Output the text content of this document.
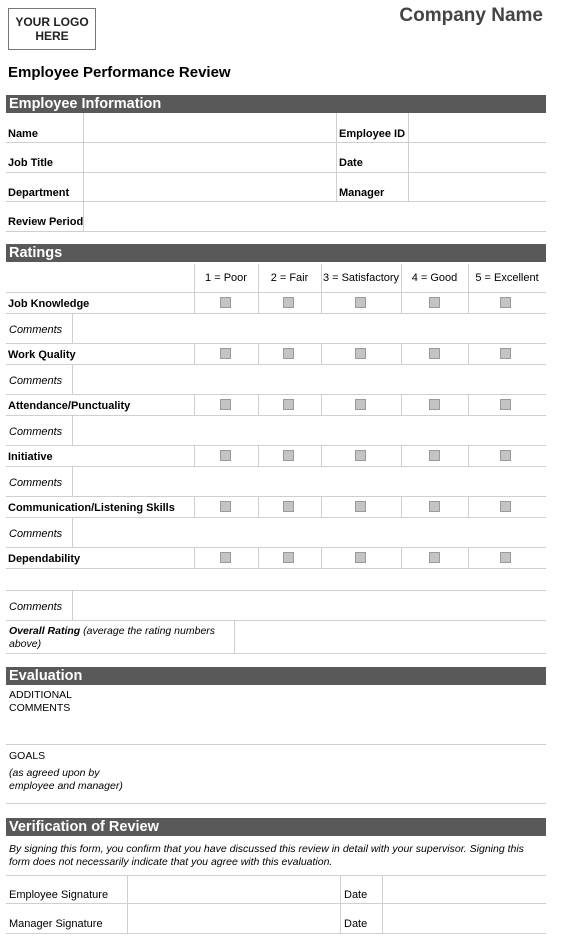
YOUR LOGO HERE
Company Name
Employee Performance Review
Employee Information
Name	Employee ID
Job Title	Date
Department	Manager
Review Period
Ratings
1 = Poor	2 = Fair	3 = Satisfactory	4 = Good	5 = Excellent
Job Knowledge
Comments
Work Quality
Comments
Attendance/Punctuality
Comments
Initiative
Comments
Communication/Listening Skills
Comments
Dependability
Comments
Overall Rating (average the rating numbers above)
Evaluation
ADDITIONAL COMMENTS
GOALS
(as agreed upon by employee and manager)
Verification of Review
By signing this form, you confirm that you have discussed this review in detail with your supervisor. Signing this form does not necessarily indicate that you agree with this evaluation.
Employee Signature	Date
Manager Signature	Date
